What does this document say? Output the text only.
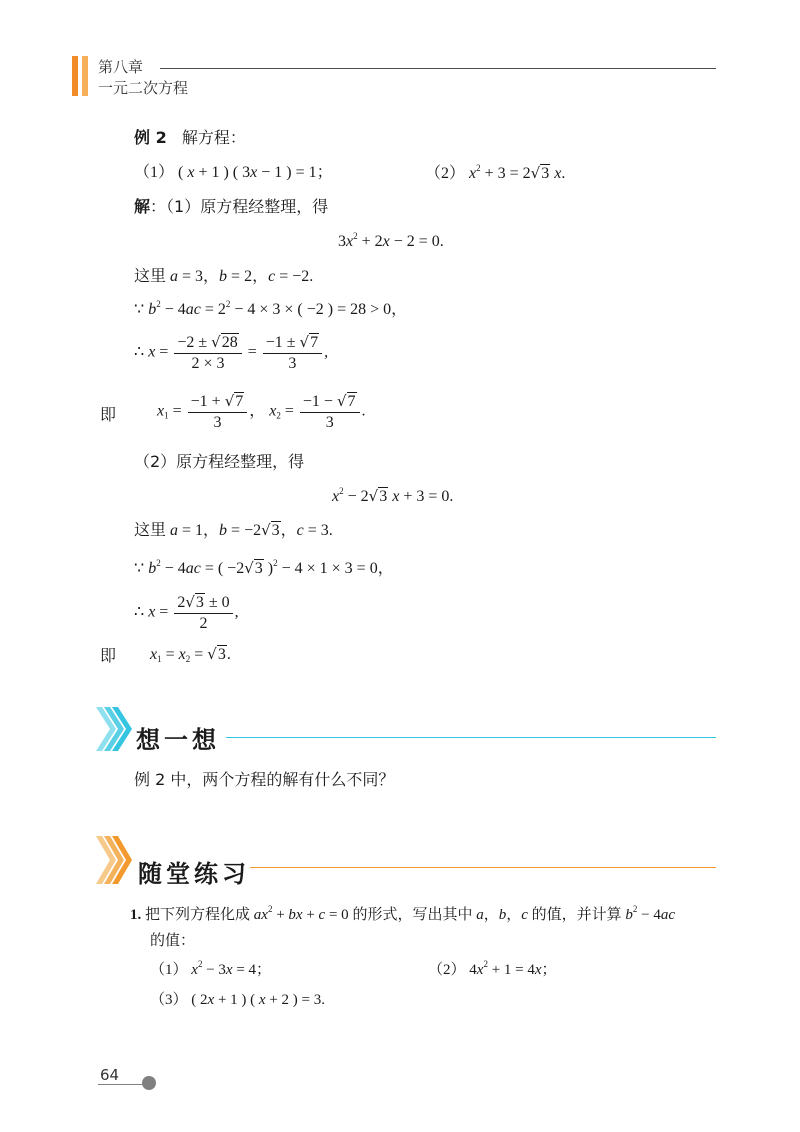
第八章
一元二次方程
例 2 解方程：
（1） ( x + 1 ) ( 3x − 1 ) = 1；	（2） $x^2 + 3 = 2√3$ x.
解：（1）原方程经整理，得
$3x^2 + 2x - 2 = 0$.
这里 a = 3，b = 2，c = −2.
∵ $b^2 - 4ac = 2^2 - 4 \times 3$ × ( −2 ) = 28 > 0，
∴ $x = \frac{-2 \pm √28}{2 \times 3} = \frac{-1 \pm √7}{3}$ ,
即	$x_1 = \frac{-1 + √7}{3}$ ， $x_2 = \frac{-1 - √7}{3}$ .
（2）原方程经整理，得
$x^2 - 2√3$ x + 3 = 0.
这里 a = 1，b = −2√3，c = 3.
∵ $b^2 - 4ac$ = ( −2√3 )$^2$ − 4 × 1 × 3 = 0，
∴ $x = \frac{2√3 \pm 0}{2}$ ,
即 $x_1 = x_2 = √3$.
想一想
例 2 中，两个方程的解有什么不同？
随堂练习
1. 把下列方程化成 $ax^2$ + bx + c = 0 的形式，写出其中 a，b，c 的值，并计算 $b^2 - 4ac$
的值：
（1） $x^2 - 3x = 4$；	（2） $4x^2 + 1 = 4x$；
（3） ( 2x + 1 ) ( x + 2 ) = 3.
64
